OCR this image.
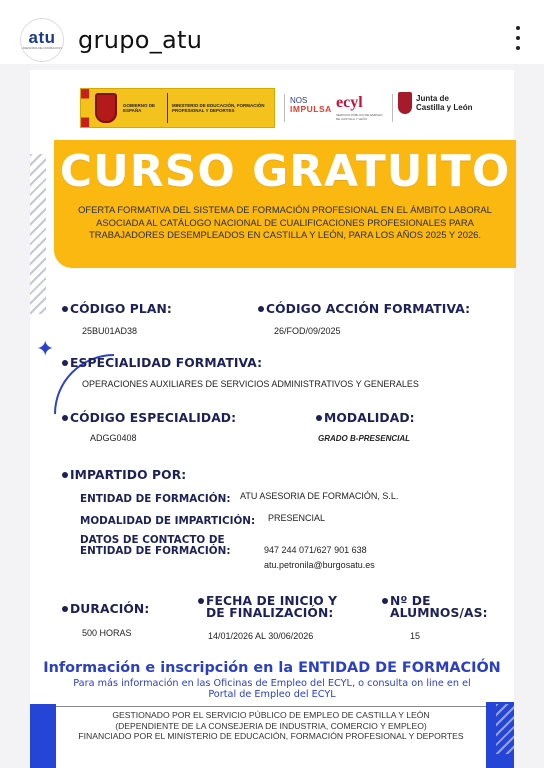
atu
ASESORIA DE FORMACION grupo_atu
✦
GOBIERNO DE ESPAÑA
MINISTERIO DE EDUCACIÓN, FORMACIÓN PROFESIONAL Y DEPORTES
NOS
IMPULSA ecyl
SERVICIO PÚBLICO DE EMPLEO DE CASTILLA Y LEÓN
Junta de
Castilla y León
CURSO GRATUITO
OFERTA FORMATIVA DEL SISTEMA DE FORMACIÓN PROFESIONAL EN EL ÁMBITO LABORAL ASOCIADA AL CATÁLOGO NACIONAL DE CUALIFICACIONES PROFESIONALES PARA TRABAJADORES DESEMPLEADOS EN CASTILLA Y LEÓN, PARA LOS AÑOS 2025 Y 2026.
CÓDIGO PLAN:
25BU01AD38
CÓDIGO ACCIÓN FORMATIVA:
26/FOD/09/2025
ESPECIALIDAD FORMATIVA:
OPERACIONES AUXILIARES DE SERVICIOS ADMINISTRATIVOS Y GENERALES
CÓDIGO ESPECIALIDAD:
ADGG0408
MODALIDAD:
GRADO B-PRESENCIAL
IMPARTIDO POR:
ENTIDAD DE FORMACIÓN: ATU ASESORIA DE FORMACIÓN, S.L.
MODALIDAD DE IMPARTICIÓN: PRESENCIAL
DATOS DE CONTACTO DE
ENTIDAD DE FORMACIÓN:	947 244 071/627 901 638
atu.petronila@burgosatu.es
DURACIÓN:
500 HORAS
FECHA DE INICIO Y
DE FINALIZACIÓN:
14/01/2026 AL 30/06/2026
Nº DE
ALUMNOS/AS:
15
Información e inscripción en la ENTIDAD DE FORMACIÓN
Para más información en las Oficinas de Empleo del ECYL, o consulta on line en el Portal de Empleo del ECYL
GESTIONADO POR EL SERVICIO PÚBLICO DE EMPLEO DE CASTILLA Y LEÓN
(DEPENDIENTE DE LA CONSEJERIA DE INDUSTRIA, COMERCIO Y EMPLEO)
FINANCIADO POR EL MINISTERIO DE EDUCACIÓN, FORMACIÓN PROFESIONAL Y DEPORTES
